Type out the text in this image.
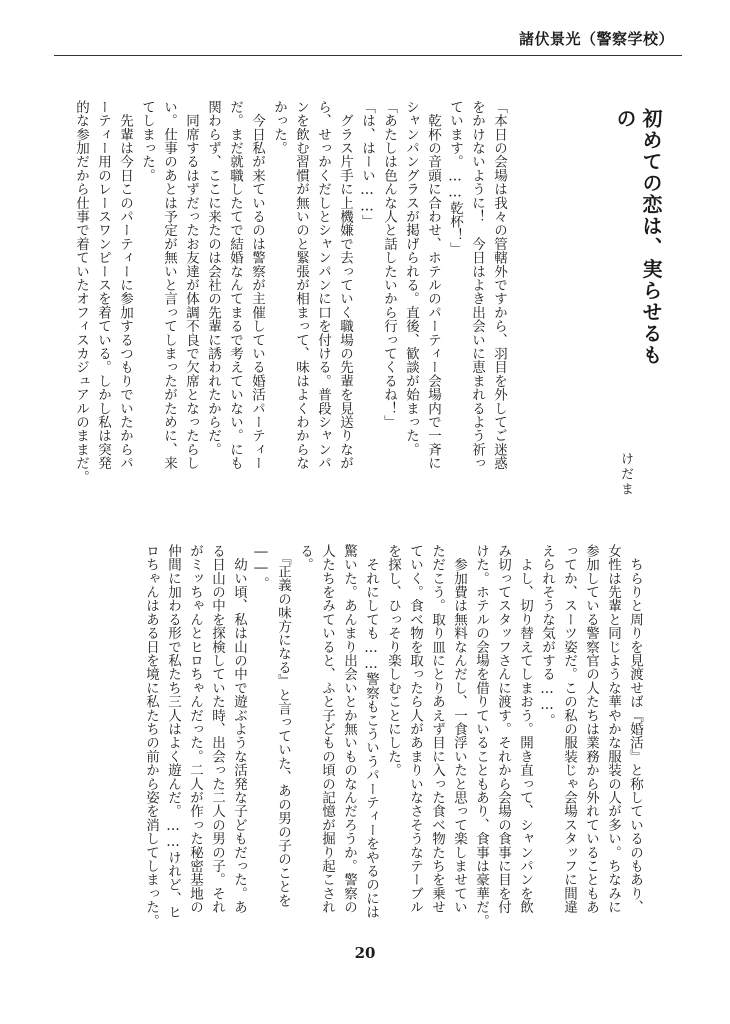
諸伏景光（警察学校）
初めての恋は、実らせるもの
けだま
「本日の会場は我々の管轄外ですから、羽目を外してご迷惑
をかけないように！　今日はよき出会いに恵まれるよう祈っ
ています。……乾杯！」
　乾杯の音頭に合わせ、ホテルのパーティー会場内で一斉に
シャンパングラスが掲げられる。直後、歓談が始まった。
「あたしは色んな人と話したいから行ってくるね！」
「は、はーい……」
　グラス片手に上機嫌で去っていく職場の先輩を見送りなが
ら、せっかくだしとシャンパンに口を付ける。普段シャンパ
ンを飲む習慣が無いのと緊張が相まって、味はよくわからな
かった。
　今日私が来ているのは警察が主催している婚活パーティー
だ。まだ就職したてで結婚なんてまるで考えていない。にも
関わらず、ここに来たのは会社の先輩に誘われたからだ。
　同席するはずだったお友達が体調不良で欠席となったらし
い。仕事のあとは予定が無いと言ってしまったがために、来
てしまった。
　先輩は今日このパーティーに参加するつもりでいたからパ
ーティー用のレースワンピースを着ている。しかし私は突発
的な参加だから仕事で着ていたオフィスカジュアルのままだ。
　ちらりと周りを見渡せば『婚活』と称しているのもあり、
女性は先輩と同じような華やかな服装の人が多い。ちなみに
参加している警察官の人たちは業務から外れていることもあ
ってか、スーツ姿だ。この私の服装じゃ会場スタッフに間違
えられそうな気がする……。
　よし、切り替えてしまおう。開き直って、シャンパンを飲
み切ってスタッフさんに渡す。それから会場の食事に目を付
けた。ホテルの会場を借りていることもあり、食事は豪華だ。
　参加費は無料なんだし、一食浮いたと思って楽しませてい
ただこう。取り皿にとりあえず目に入った食べ物たちを乗せ
ていく。食べ物を取ったら人があまりいなさそうなテーブル
を探し、ひっそり楽しむことにした。
　それにしても……警察もこういうパーティーをやるのには
驚いた。あんまり出会いとか無いものなんだろうか。警察の
人たちをみていると、ふと子どもの頃の記憶が掘り起こされ
る。
　『正義の味方になる』と言っていた、あの男の子のことを
――。
　幼い頃、私は山の中で遊ぶような活発な子どもだった。あ
る日山の中を探検していた時、出会った二人の男の子。それ
がミッちゃんとヒロちゃんだった。二人が作った秘密基地の
仲間に加わる形で私たち三人はよく遊んだ。……けれど、ヒ
ロちゃんはある日を境に私たちの前から姿を消してしまった。
20
